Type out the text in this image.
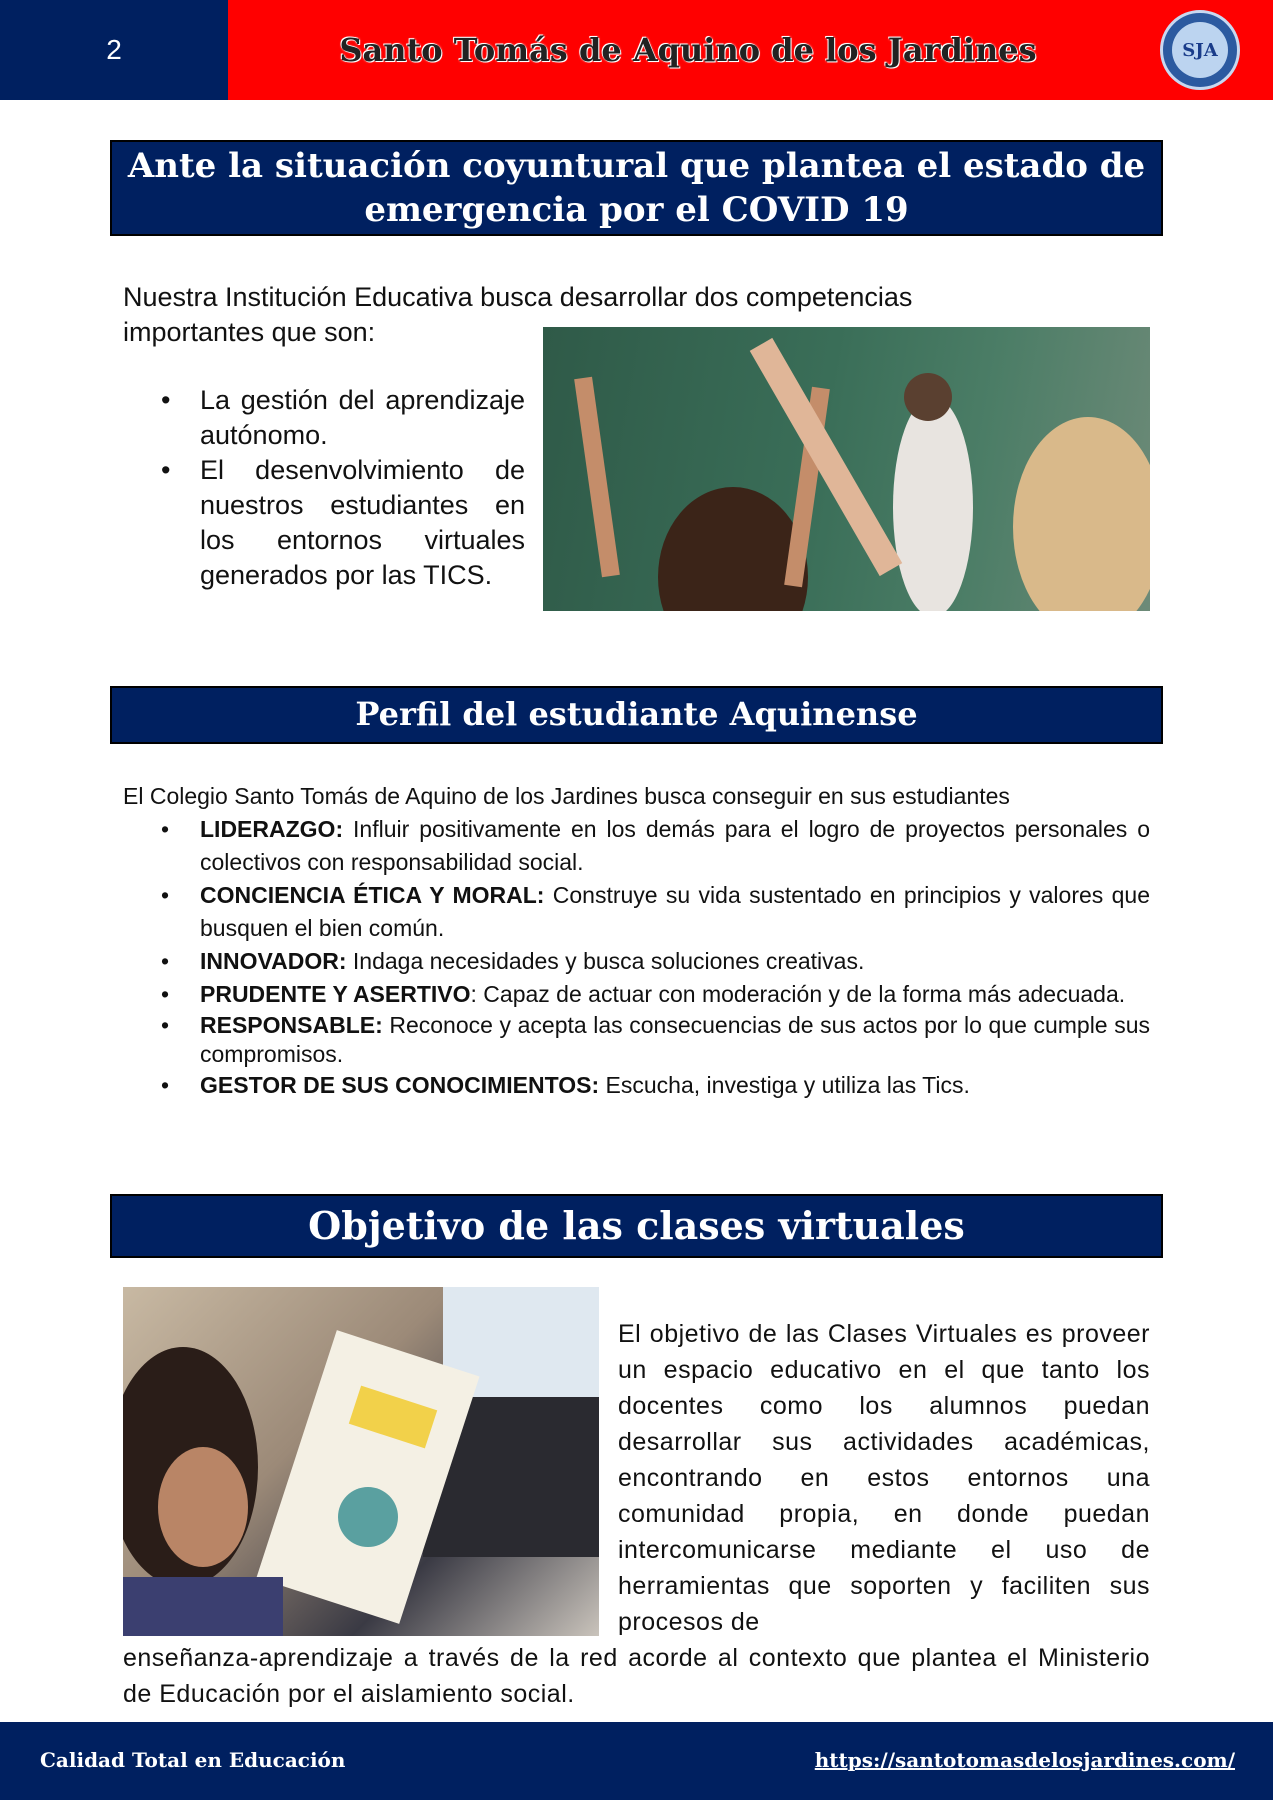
2	Santo Tomás de Aquino de los Jardines	SJA
Ante la situación coyuntural que plantea el estado de emergencia por el COVID 19
Nuestra Institución Educativa busca desarrollar dos competencias importantes que son:
• La gestión del aprendizaje autónomo.
• El desenvolvimiento de nuestros estudiantes en los entornos virtuales generados por las TICS.
Perfil del estudiante Aquinense
El Colegio Santo Tomás de Aquino de los Jardines busca conseguir en sus estudiantes
• LIDERAZGO: Influir positivamente en los demás para el logro de proyectos personales o colectivos con responsabilidad social.
• CONCIENCIA ÉTICA Y MORAL: Construye su vida sustentado en principios y valores que busquen el bien común.
• INNOVADOR: Indaga necesidades y busca soluciones creativas.
• PRUDENTE Y ASERTIVO: Capaz de actuar con moderación y de la forma más adecuada.
• RESPONSABLE: Reconoce y acepta las consecuencias de sus actos por lo que cumple sus compromisos.
• GESTOR DE SUS CONOCIMIENTOS: Escucha, investiga y utiliza las Tics.
Objetivo de las clases virtuales
El objetivo de las Clases Virtuales es proveer un espacio educativo en el que tanto los docentes como los alumnos puedan desarrollar sus actividades académicas, encontrando en estos entornos una comunidad propia, en donde puedan intercomunicarse mediante el uso de herramientas que soporten y faciliten sus procesos de
enseñanza-aprendizaje a través de la red acorde al contexto que plantea el Ministerio de Educación por el aislamiento social.
Calidad Total en Educación	https://santotomasdelosjardines.com/
